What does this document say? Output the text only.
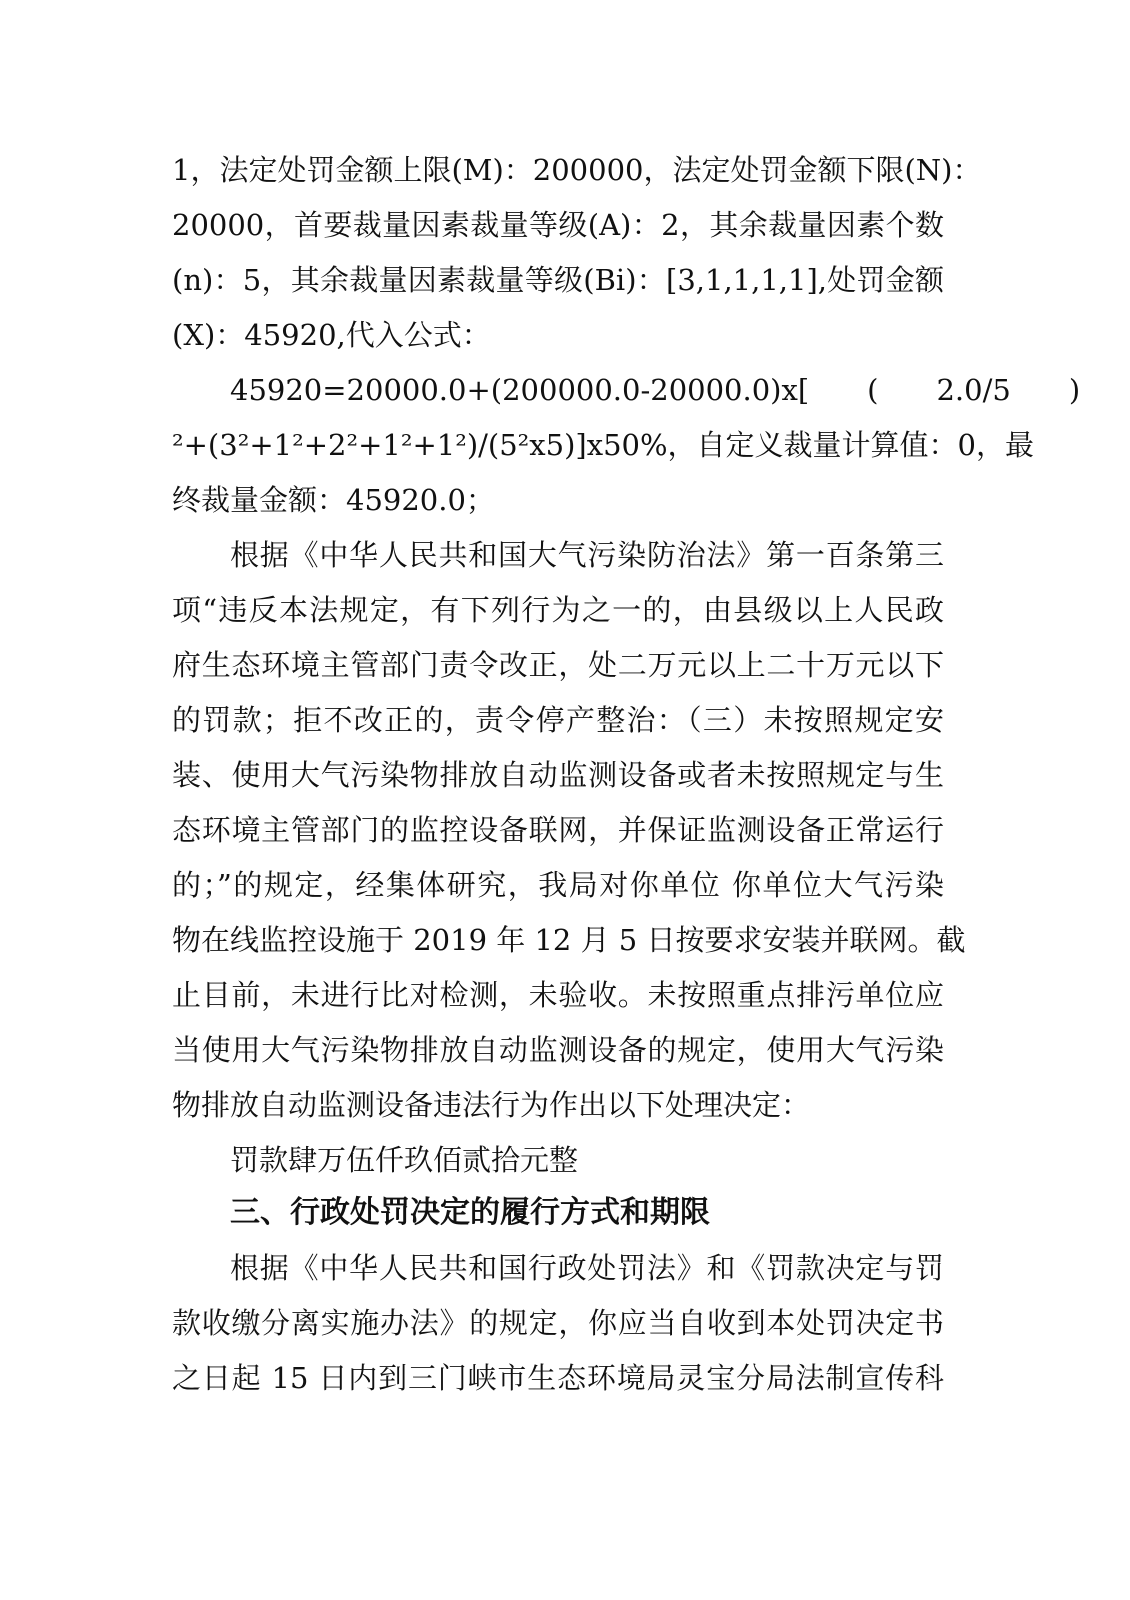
1，法定处罚金额上限(M)：200000，法定处罚金额下限(N)：
20000，首要裁量因素裁量等级(A)：2，其余裁量因素个数
(n)：5，其余裁量因素裁量等级(Bi)：[3,1,1,1,1],处罚金额
(X)：45920,代入公式：
45920=20000.0+(200000.0-20000.0)x[　　(　　2.0/5　　)
²+(3²+1²+2²+1²+1²)/(5²x5)]x50%，自定义裁量计算值：0，最
终裁量金额：45920.0；
根据《中华人民共和国大气污染防治法》第一百条第三
项“违反本法规定，有下列行为之一的，由县级以上人民政
府生态环境主管部门责令改正，处二万元以上二十万元以下
的罚款；拒不改正的，责令停产整治：（三）未按照规定安
装、使用大气污染物排放自动监测设备或者未按照规定与生
态环境主管部门的监控设备联网，并保证监测设备正常运行
的；”的规定，经集体研究，我局对你单位 你单位大气污染
物在线监控设施于 2019 年 12 月 5 日按要求安装并联网。截
止目前，未进行比对检测，未验收。未按照重点排污单位应
当使用大气污染物排放自动监测设备的规定，使用大气污染
物排放自动监测设备违法行为作出以下处理决定：
罚款肆万伍仟玖佰贰拾元整
三、行政处罚决定的履行方式和期限
根据《中华人民共和国行政处罚法》和《罚款决定与罚
款收缴分离实施办法》的规定，你应当自收到本处罚决定书
之日起 15 日内到三门峡市生态环境局灵宝分局法制宣传科
